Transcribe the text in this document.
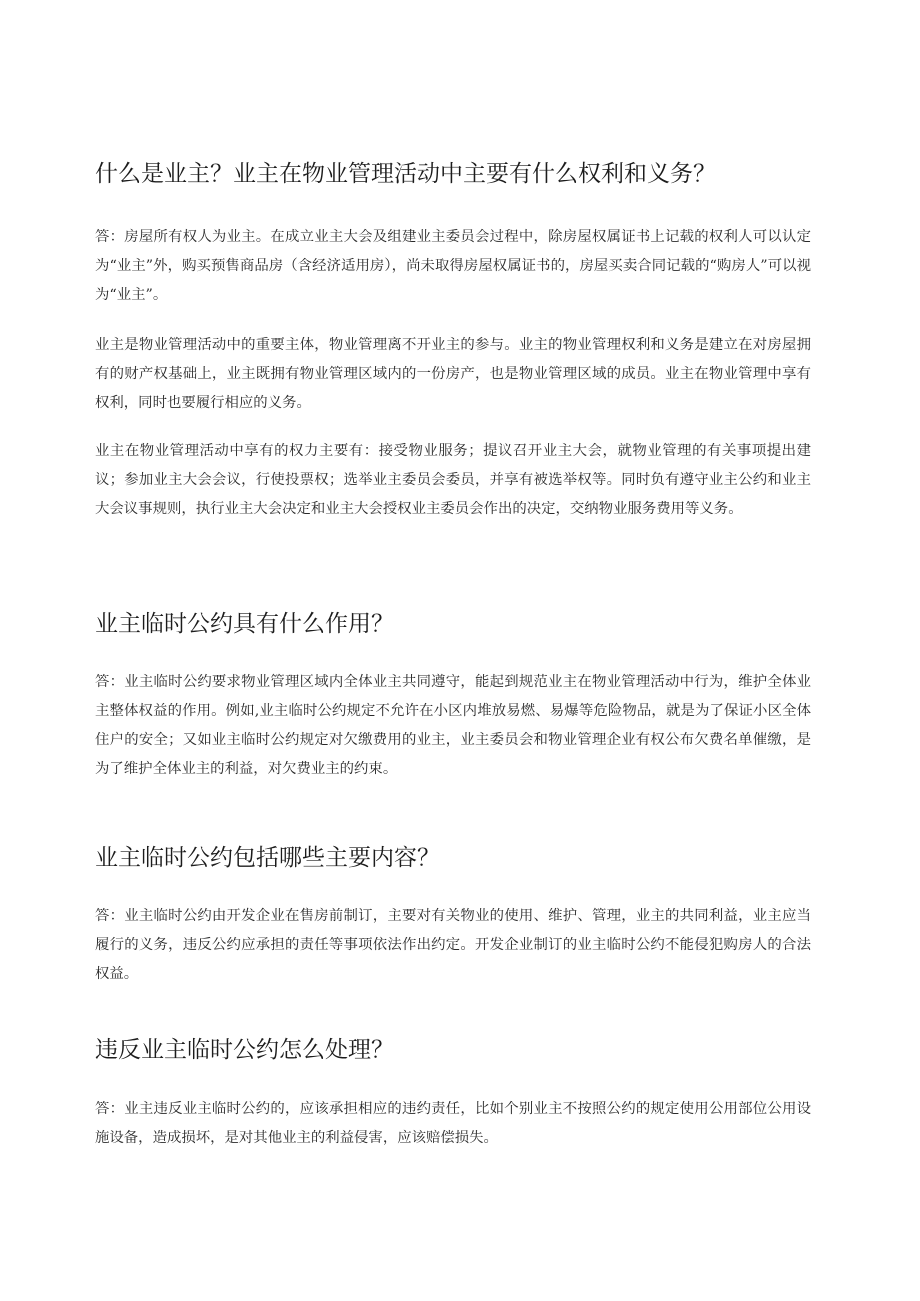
什么是业主？业主在物业管理活动中主要有什么权利和义务？

答：房屋所有权人为业主。在成立业主大会及组建业主委员会过程中，除房屋权属证书上记载的权利人可以认定为“业主”外，购买预售商品房（含经济适用房），尚未取得房屋权属证书的，房屋买卖合同记载的“购房人”可以视为“业主”。

业主是物业管理活动中的重要主体，物业管理离不开业主的参与。业主的物业管理权利和义务是建立在对房屋拥有的财产权基础上，业主既拥有物业管理区域内的一份房产，也是物业管理区域的成员。业主在物业管理中享有权利，同时也要履行相应的义务。

业主在物业管理活动中享有的权力主要有：接受物业服务；提议召开业主大会，就物业管理的有关事项提出建议；参加业主大会会议，行使投票权；选举业主委员会委员，并享有被选举权等。同时负有遵守业主公约和业主大会议事规则，执行业主大会决定和业主大会授权业主委员会作出的决定，交纳物业服务费用等义务。

业主临时公约具有什么作用？

答：业主临时公约要求物业管理区域内全体业主共同遵守，能起到规范业主在物业管理活动中行为，维护全体业主整体权益的作用。例如,业主临时公约规定不允许在小区内堆放易燃、易爆等危险物品，就是为了保证小区全体住户的安全；又如业主临时公约规定对欠缴费用的业主，业主委员会和物业管理企业有权公布欠费名单催缴，是为了维护全体业主的利益，对欠费业主的约束。

业主临时公约包括哪些主要内容？

答：业主临时公约由开发企业在售房前制订，主要对有关物业的使用、维护、管理，业主的共同利益，业主应当履行的义务，违反公约应承担的责任等事项依法作出约定。开发企业制订的业主临时公约不能侵犯购房人的合法权益。

违反业主临时公约怎么处理？

答：业主违反业主临时公约的，应该承担相应的违约责任，比如个别业主不按照公约的规定使用公用部位公用设施设备，造成损坏，是对其他业主的利益侵害，应该赔偿损失。
